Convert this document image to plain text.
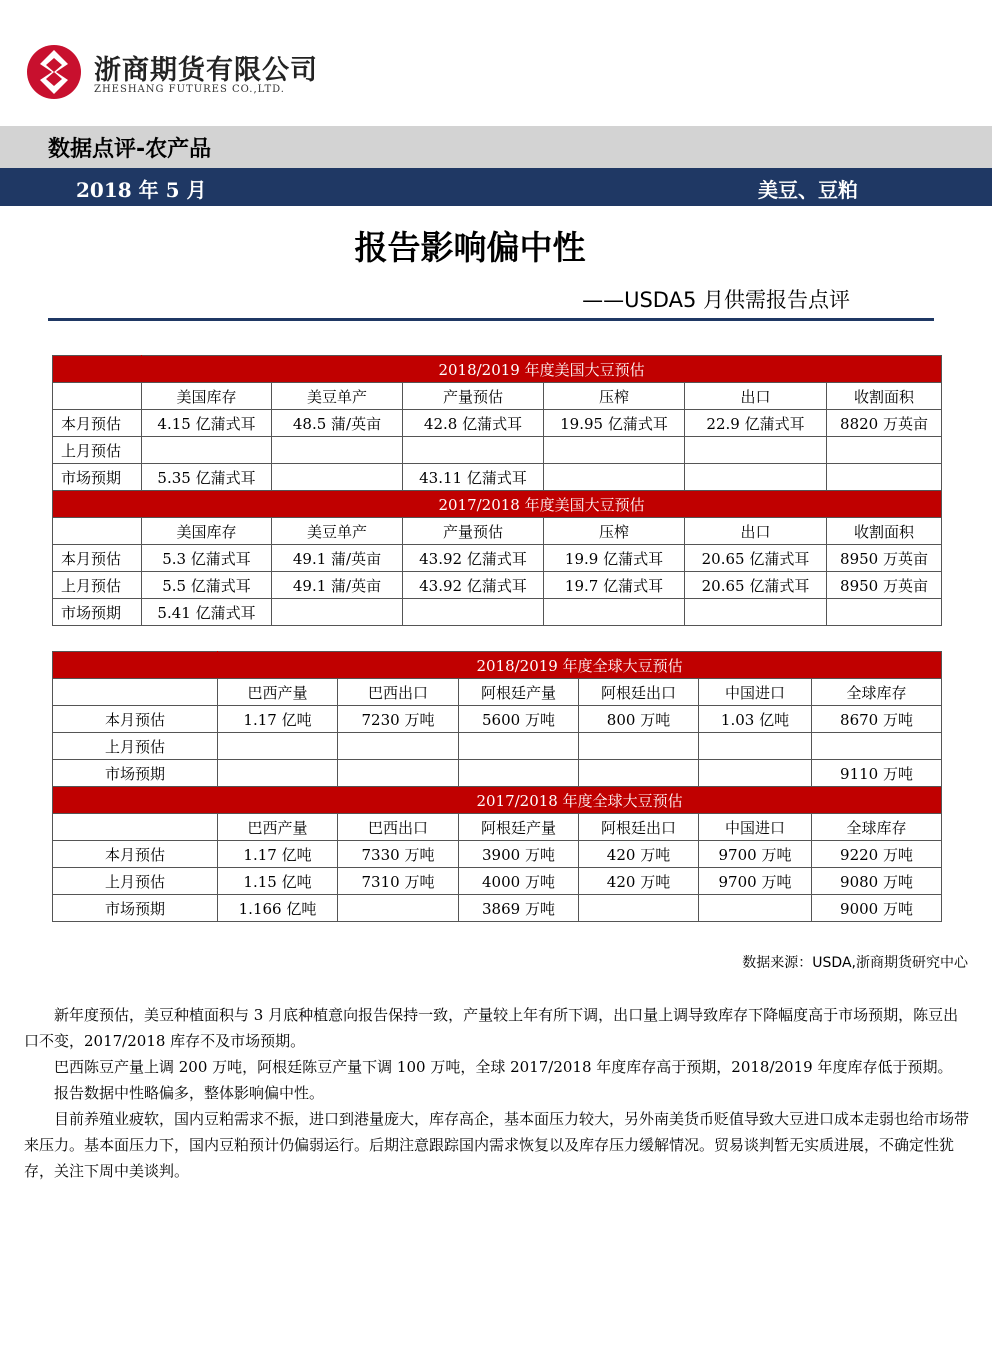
浙商期货有限公司
ZHESHANG FUTURES CO.,LTD.
数据点评-农产品
2018 年 5 月	美豆、豆粕
报告影响偏中性
——USDA5 月供需报告点评
	2018/2019 年度美国大豆预估					
	美国库存	美豆单产	产量预估	压榨	出口	收割面积
本月预估	4.15 亿蒲式耳	48.5 蒲/英亩	42.8 亿蒲式耳	19.95 亿蒲式耳	22.9 亿蒲式耳	8820 万英亩
上月预估						
市场预期	5.35 亿蒲式耳		43.11 亿蒲式耳			
	2017/2018 年度美国大豆预估					
	美国库存	美豆单产	产量预估	压榨	出口	收割面积
本月预估	5.3 亿蒲式耳	49.1 蒲/英亩	43.92 亿蒲式耳	19.9 亿蒲式耳	20.65 亿蒲式耳	8950 万英亩
上月预估	5.5 亿蒲式耳	49.1 蒲/英亩	43.92 亿蒲式耳	19.7 亿蒲式耳	20.65 亿蒲式耳	8950 万英亩
市场预期	5.41 亿蒲式耳					
	2018/2019 年度全球大豆预估					
	巴西产量	巴西出口	阿根廷产量	阿根廷出口	中国进口	全球库存
本月预估	1.17 亿吨	7230 万吨	5600 万吨	800 万吨	1.03 亿吨	8670 万吨
上月预估						
市场预期						9110 万吨
	2017/2018 年度全球大豆预估					
	巴西产量	巴西出口	阿根廷产量	阿根廷出口	中国进口	全球库存
本月预估	1.17 亿吨	7330 万吨	3900 万吨	420 万吨	9700 万吨	9220 万吨
上月预估	1.15 亿吨	7310 万吨	4000 万吨	420 万吨	9700 万吨	9080 万吨
市场预期	1.166 亿吨		3869 万吨			9000 万吨
数据来源：USDA,浙商期货研究中心

新年度预估，美豆种植面积与 3 月底种植意向报告保持一致，产量较上年有所下调，出口量上调导致库存下降幅度高于市场预期，陈豆出口不变，2017/2018 库存不及市场预期。

巴西陈豆产量上调 200 万吨，阿根廷陈豆产量下调 100 万吨，全球 2017/2018 年度库存高于预期，2018/2019 年度库存低于预期。

报告数据中性略偏多，整体影响偏中性。

目前养殖业疲软，国内豆粕需求不振，进口到港量庞大，库存高企，基本面压力较大，另外南美货币贬值导致大豆进口成本走弱也给市场带来压力。基本面压力下，国内豆粕预计仍偏弱运行。后期注意跟踪国内需求恢复以及库存压力缓解情况。贸易谈判暂无实质进展，不确定性犹存，关注下周中美谈判。
